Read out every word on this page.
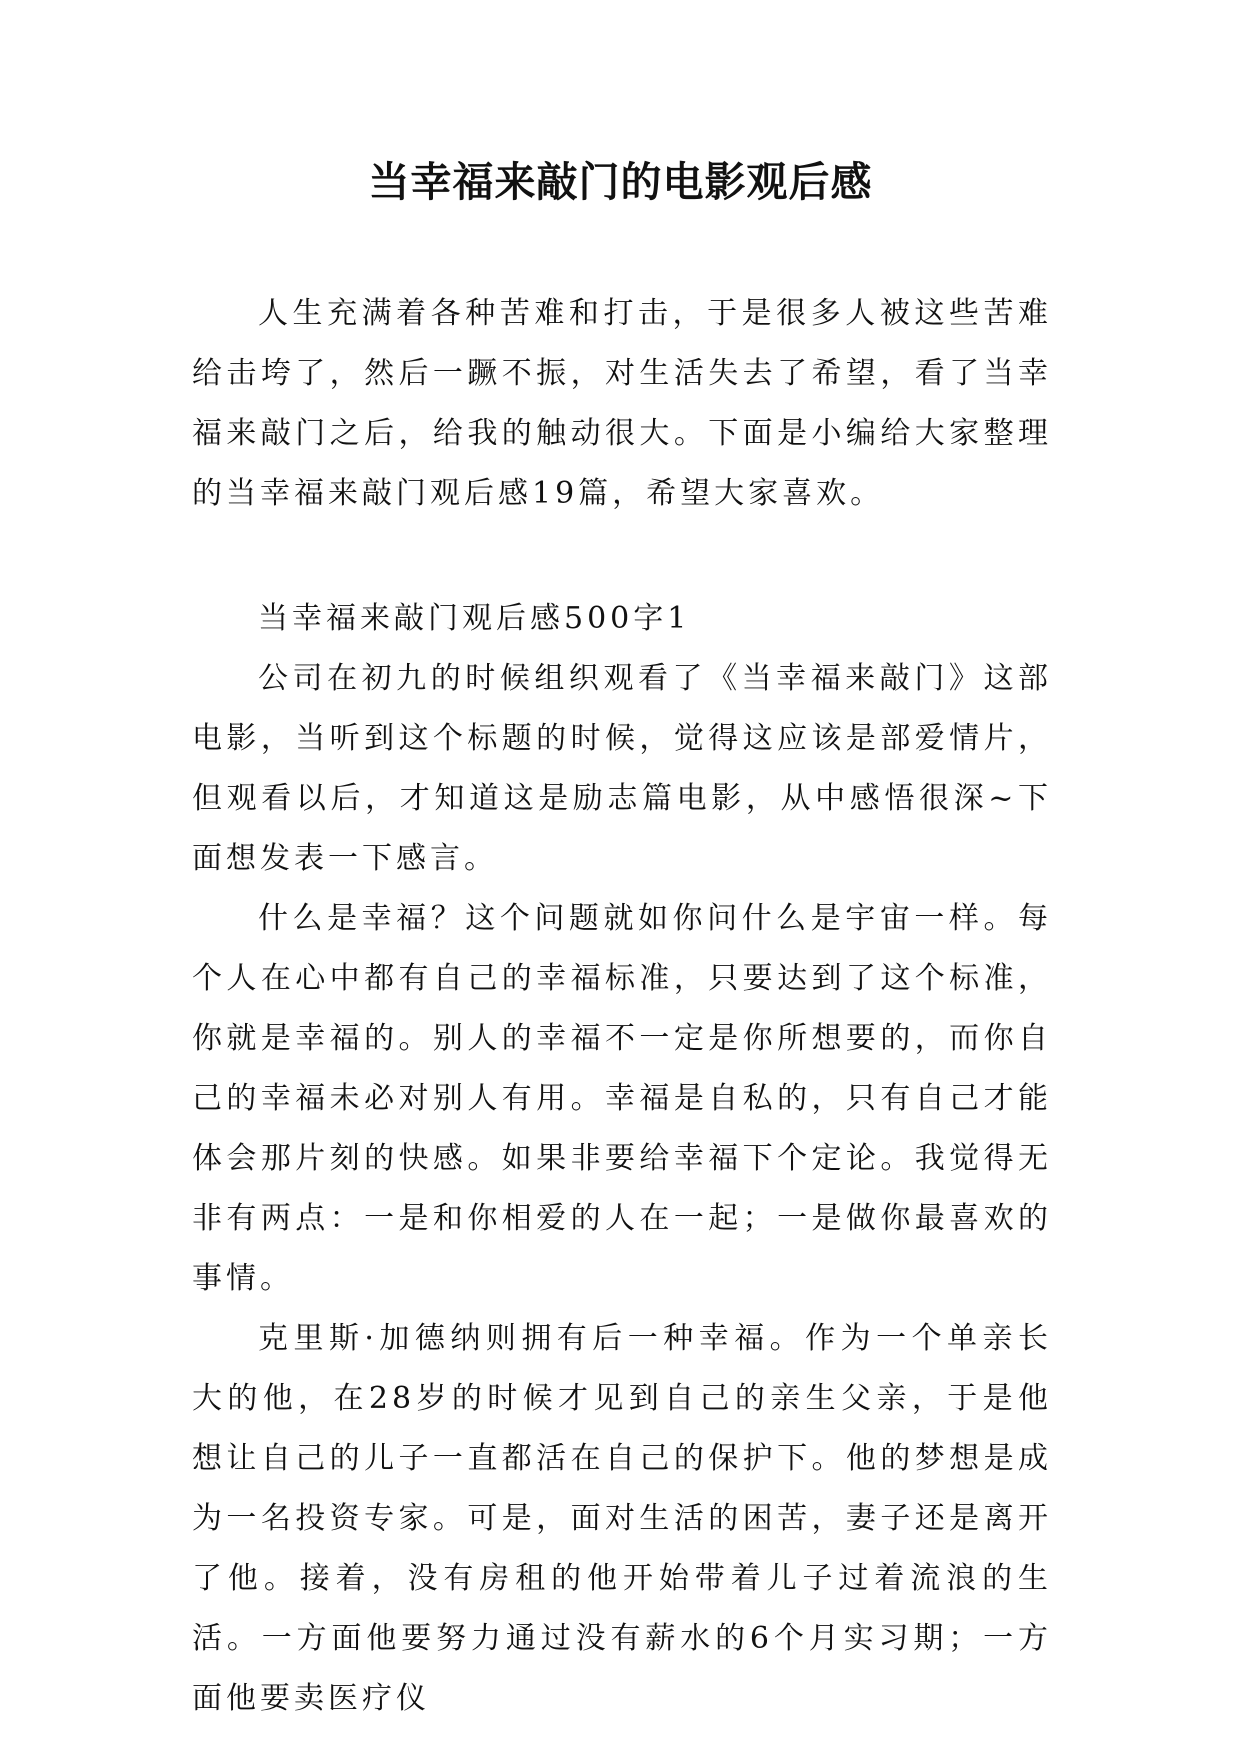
当幸福来敲门的电影观后感

人生充满着各种苦难和打击，于是很多人被这些苦难给击垮了，然后一蹶不振，对生活失去了希望，看了当幸福来敲门之后，给我的触动很大。下面是小编给大家整理的当幸福来敲门观后感19篇，希望大家喜欢。

当幸福来敲门观后感500字1

公司在初九的时候组织观看了《当幸福来敲门》这部电影，当听到这个标题的时候，觉得这应该是部爱情片，但观看以后，才知道这是励志篇电影，从中感悟很深~下面想发表一下感言。

什么是幸福？这个问题就如你问什么是宇宙一样。每个人在心中都有自己的幸福标准，只要达到了这个标准，你就是幸福的。别人的幸福不一定是你所想要的，而你自己的幸福未必对别人有用。幸福是自私的，只有自己才能体会那片刻的快感。如果非要给幸福下个定论。我觉得无非有两点：一是和你相爱的人在一起；一是做你最喜欢的事情。

克里斯·加德纳则拥有后一种幸福。作为一个单亲长大的他，在28岁的时候才见到自己的亲生父亲，于是他想让自己的儿子一直都活在自己的保护下。他的梦想是成为一名投资专家。可是，面对生活的困苦，妻子还是离开了他。接着，没有房租的他开始带着儿子过着流浪的生活。一方面他要努力通过没有薪水的6个月实习期；一方面他要卖医疗仪
